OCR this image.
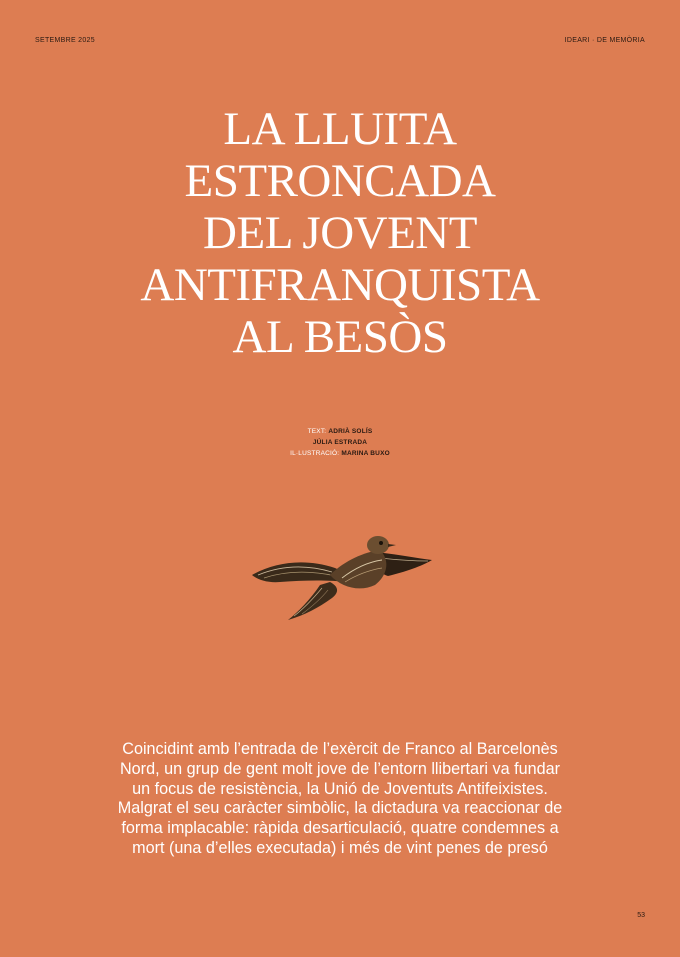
SETEMBRE 2025	IDEARI · DE MEMÒRIA
LA LLUITA
ESTRONCADA
DEL JOVENT
ANTIFRANQUISTA
AL BESÒS
TEXT: ADRIÀ SOLÍS
JÚLIA ESTRADA
IL·LUSTRACIÓ: MARINA BUXO

Coincidint amb l’entrada de l’exèrcit de Franco al Barcelonès
Nord, un grup de gent molt jove de l’entorn llibertari va fundar
un focus de resistència, la Unió de Joventuts Antifeixistes.
Malgrat el seu caràcter simbòlic, la dictadura va reaccionar de
forma implacable: ràpida desarticulació, quatre condemnes a
mort (una d’elles executada) i més de vint penes de presó

53
